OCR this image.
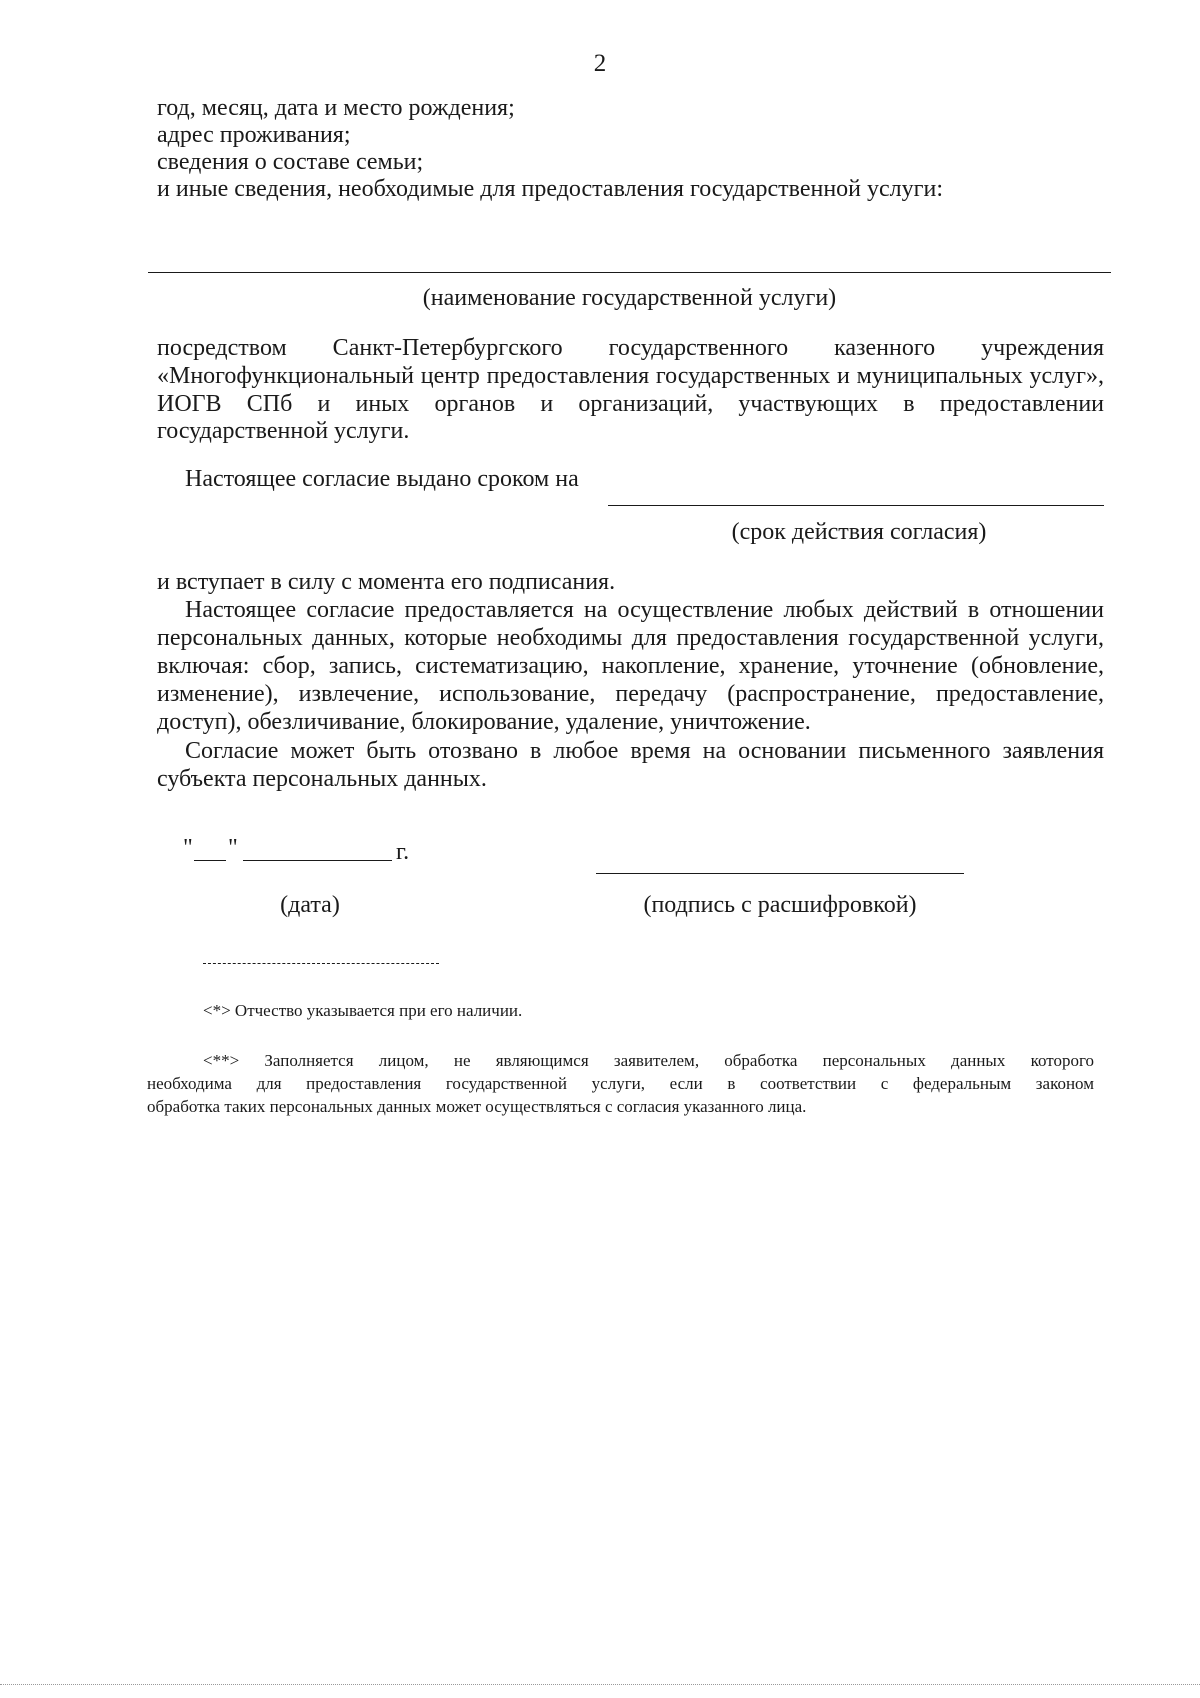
2
год, месяц, дата и место рождения;
адрес проживания;
сведения о составе семьи;
и иные сведения, необходимые для предоставления государственной услуги:
(наименование государственной услуги)
посредством Санкт-Петербургского государственного казенного учреждения
«Многофункциональный центр предоставления государственных и муниципальных услуг»,
ИОГВ СПб и иных органов и организаций, участвующих в предоставлении
государственной услуги.
Настоящее согласие выдано сроком на
(срок действия согласия)
и вступает в силу с момента его подписания.
Настоящее согласие предоставляется на осуществление любых действий в отношении
персональных данных, которые необходимы для предоставления государственной услуги,
включая: сбор, запись, систематизацию, накопление, хранение, уточнение (обновление,
изменение), извлечение, использование, передачу (распространение, предоставление,
доступ), обезличивание, блокирование, удаление, уничтожение.
Согласие может быть отозвано в любое время на основании письменного заявления
субъекта персональных данных.
" "	г.
(дата)	(подпись с расшифровкой)
<*> Отчество указывается при его наличии.
<**> Заполняется лицом, не являющимся заявителем, обработка персональных данных которого
необходима для предоставления государственной услуги, если в соответствии с федеральным законом
обработка таких персональных данных может осуществляться с согласия указанного лица.
